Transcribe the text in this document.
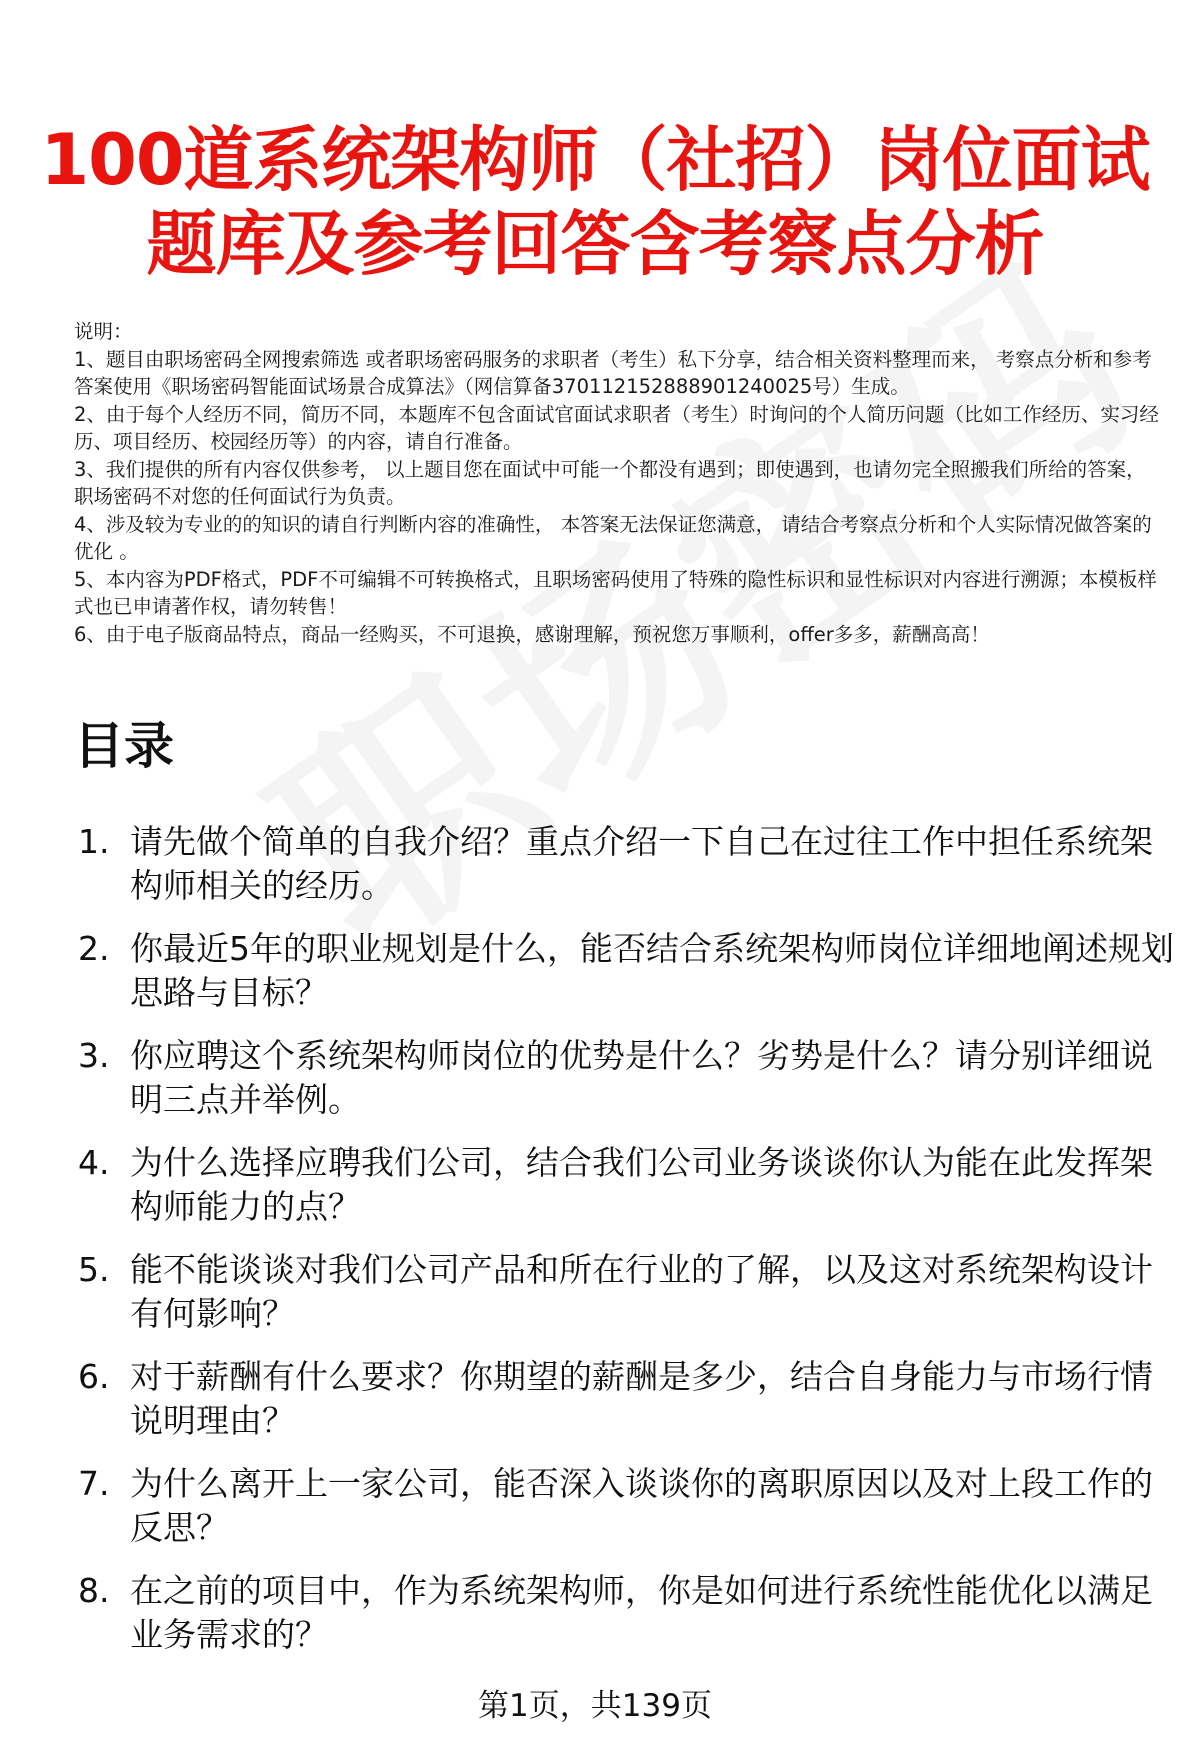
100道系统架构师（社招）岗位面试
题库及参考回答含考察点分析

说明：

1、题目由职场密码全网搜索筛选 或者职场密码服务的求职者（考生）私下分享，结合相关资料整理而来， 考察点分析和参考答案使用《职场密码智能面试场景合成算法》（网信算备370112152888901240025号）生成。

2、由于每个人经历不同，简历不同，本题库不包含面试官面试求职者（考生）时询问的个人简历问题（比如工作经历、实习经历、项目经历、校园经历等）的内容，请自行准备。

3、我们提供的所有内容仅供参考， 以上题目您在面试中可能一个都没有遇到；即使遇到，也请勿完全照搬我们所给的答案，职场密码不对您的任何面试行为负责。

4、涉及较为专业的的知识的请自行判断内容的准确性， 本答案无法保证您满意， 请结合考察点分析和个人实际情况做答案的优化 。

5、本内容为PDF格式，PDF不可编辑不可转换格式，且职场密码使用了特殊的隐性标识和显性标识对内容进行溯源；本模板样式也已申请著作权，请勿转售！

6、由于电子版商品特点，商品一经购买，不可退换，感谢理解，预祝您万事顺利，offer多多，薪酬高高！

目录
1. 请先做个简单的自我介绍？重点介绍一下自己在过往工作中担任系统架构师相关的经历。
2. 你最近5年的职业规划是什么，能否结合系统架构师岗位详细地阐述规划思路与目标？
3. 你应聘这个系统架构师岗位的优势是什么？劣势是什么？请分别详细说明三点并举例。
4. 为什么选择应聘我们公司，结合我们公司业务谈谈你认为能在此发挥架构师能力的点？
5. 能不能谈谈对我们公司产品和所在行业的了解，以及这对系统架构设计有何影响？
6. 对于薪酬有什么要求？你期望的薪酬是多少，结合自身能力与市场行情说明理由？
7. 为什么离开上一家公司，能否深入谈谈你的离职原因以及对上段工作的反思？
8. 在之前的项目中，作为系统架构师，你是如何进行系统性能优化以满足业务需求的？
第1页，共139页
